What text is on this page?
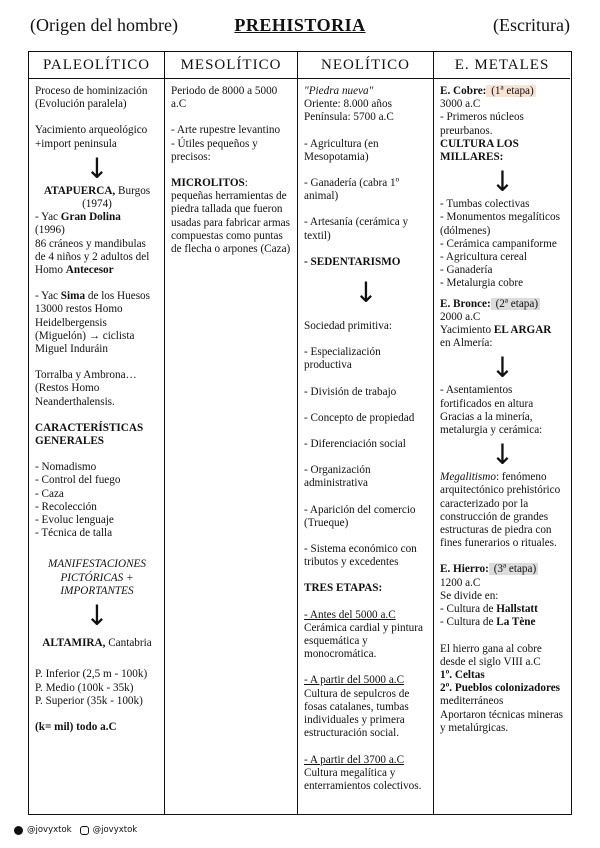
(Origen del hombre)	PREHISTORIA	(Escritura)
PALEOLÍTICO
Proceso de hominización (Evolución paralela)
Yacimiento arqueológico +import peninsula
↓
ATAPUERCA, Burgos (1974)
- Yac Gran Dolina
(1996)
86 cráneos y mandibulas de 4 niños y 2 adultos del Homo Antecesor
- Yac Sima de los Huesos
13000 restos Homo Heidelbergensis (Miguelón) → ciclista Miguel Induráin
Torralba y Ambrona… (Restos Homo Neanderthalensis.
CARACTERÍSTICAS GENERALES
- Nomadismo
- Control del fuego
- Caza
- Recolección
- Evoluc lenguaje
- Técnica de talla
MANIFESTACIONES PICTÓRICAS + IMPORTANTES
↓
ALTAMIRA, Cantabria
P. Inferior (2,5 m - 100k)
P. Medio (100k - 35k)
P. Superior (35k - 100k)
(k= mil) todo a.C
MESOLÍTICO
Periodo de 8000 a 5000 a.C
- Arte rupestre levantino
- Útiles pequeños y precisos:
MICROLITOS: pequeñas herramientas de piedra tallada que fueron usadas para fabricar armas compuestas como puntas de flecha o arpones (Caza)
NEOLÍTICO
"Piedra nueva"
Oriente: 8.000 años
Península: 5700 a.C
- Agricultura (en Mesopotamia)
- Ganadería (cabra 1º animal)
- Artesanía (cerámica y textil)
- SEDENTARISMO
↓
Sociedad primitiva:
- Especialización productiva
- División de trabajo
- Concepto de propiedad
- Diferenciación social
- Organización administrativa
- Aparición del comercio (Trueque)
- Sistema económico con tributos y excedentes
TRES ETAPAS:
- Antes del 5000 a.C
Cerámica cardial y pintura esquemática y monocromática.
- A partir del 5000 a.C
Cultura de sepulcros de fosas catalanes, tumbas individuales y primera estructuración social.
- A partir del 3700 a.C
Cultura megalítica y enterramientos colectivos.
E. METALES
E. Cobre: (1ª etapa)
3000 a.C
- Primeros núcleos preurbanos.
CULTURA LOS MILLARES:
↓
- Tumbas colectivas
- Monumentos megalíticos (dólmenes)
- Cerámica campaniforme
- Agricultura cereal
- Ganadería
- Metalurgia cobre
E. Bronce: (2ª etapa)
2000 a.C
Yacimiento EL ARGAR
en Almería:
↓
- Asentamientos fortificados en altura Gracias a la minería, metalurgia y cerámica:
↓
Megalitismo: fenómeno arquitectónico prehistórico caracterizado por la construcción de grandes estructuras de piedra con fines funerarios o rituales.
E. Hierro: (3ª etapa)
1200 a.C
Se divide en:
- Cultura de Hallstatt
- Cultura de La Tène
El hierro gana al cobre desde el siglo VIII a.C
1º. Celtas
2º. Pueblos colonizadores
mediterráneos
Aportaron técnicas mineras y metalúrgicas.
@jovyxtok @jovyxtok
